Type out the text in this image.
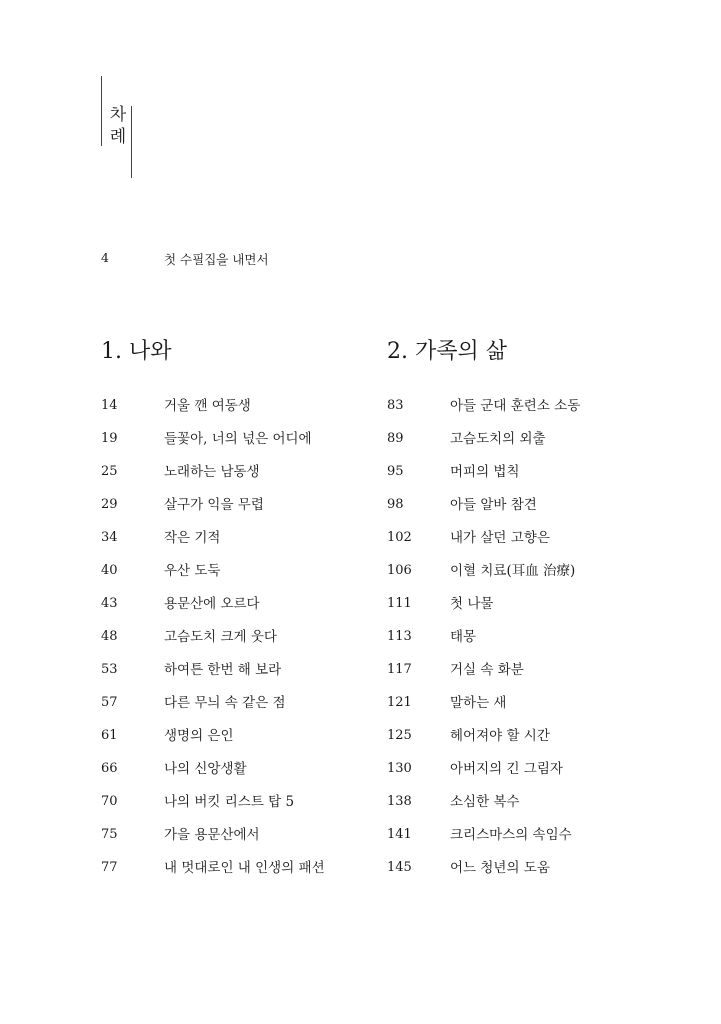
차례
4	첫 수필집을 내면서
1. 나와
14	거울 깬 여동생
19	들꽃아, 너의 넋은 어디에
25	노래하는 남동생
29	살구가 익을 무렵
34	작은 기적
40	우산 도둑
43	용문산에 오르다
48	고슴도치 크게 웃다
53	하여튼 한번 해 보라
57	다른 무늬 속 같은 점
61	생명의 은인
66	나의 신앙생활
70	나의 버킷 리스트 탑 5
75	가을 용문산에서
77	내 멋대로인 내 인생의 패션
2. 가족의 삶
83	아들 군대 훈련소 소동
89	고슴도치의 외출
95	머피의 법칙
98	아들 알바 참견
102	내가 살던 고향은
106	이혈 치료(耳血 治療)
111	첫 나물
113	태몽
117	거실 속 화분
121	말하는 새
125	헤어져야 할 시간
130	아버지의 긴 그림자
138	소심한 복수
141	크리스마스의 속임수
145	어느 청년의 도움
